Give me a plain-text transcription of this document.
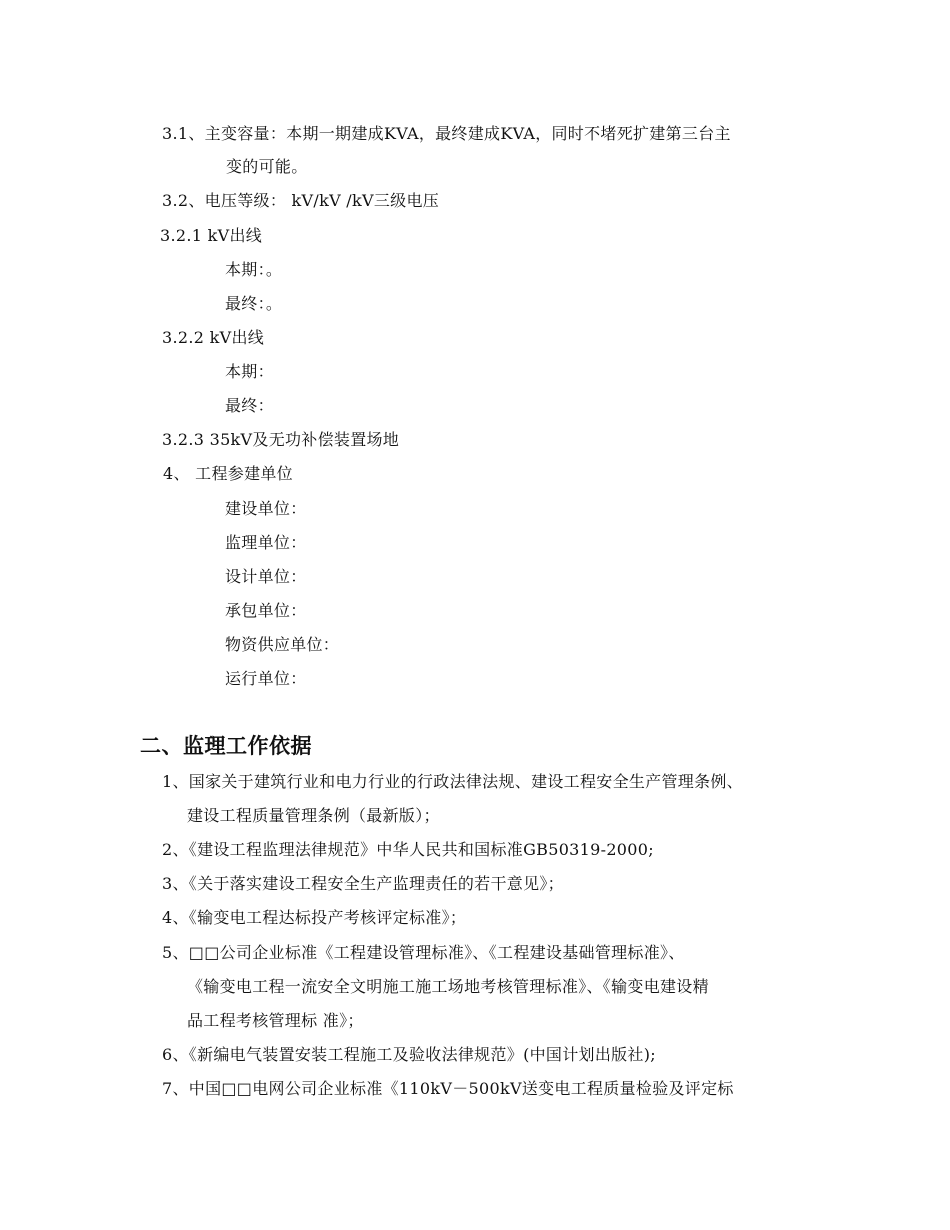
3.1、主变容量：本期一期建成KVA，最终建成KVA，同时不堵死扩建第三台主
变的可能。
3.2、电压等级： kV/kV /kV三级电压
3.2.1 kV出线
本期：。
最终：。
3.2.2 kV出线
本期：
最终：
3.2.3 35kV及无功补偿装置场地
4、 工程参建单位
建设单位：
监理单位：
设计单位：
承包单位：
物资供应单位：
运行单位：
二、监理工作依据
1、国家关于建筑行业和电力行业的行政法律法规、建设工程安全生产管理条例、
建设工程质量管理条例（最新版）；
2、《建设工程监理法律规范》中华人民共和国标准GB50319-2000;
3、《关于落实建设工程安全生产监理责任的若干意见》；
4、《输变电工程达标投产考核评定标准》；
5、□□公司企业标准《工程建设管理标准》、《工程建设基础管理标准》、
《输变电工程一流安全文明施工施工场地考核管理标准》、《输变电建设精
品工程考核管理标 准》；
6、《新编电气装置安装工程施工及验收法律规范》(中国计划出版社);
7、中国□□电网公司企业标准《110kV－500kV送变电工程质量检验及评定标
